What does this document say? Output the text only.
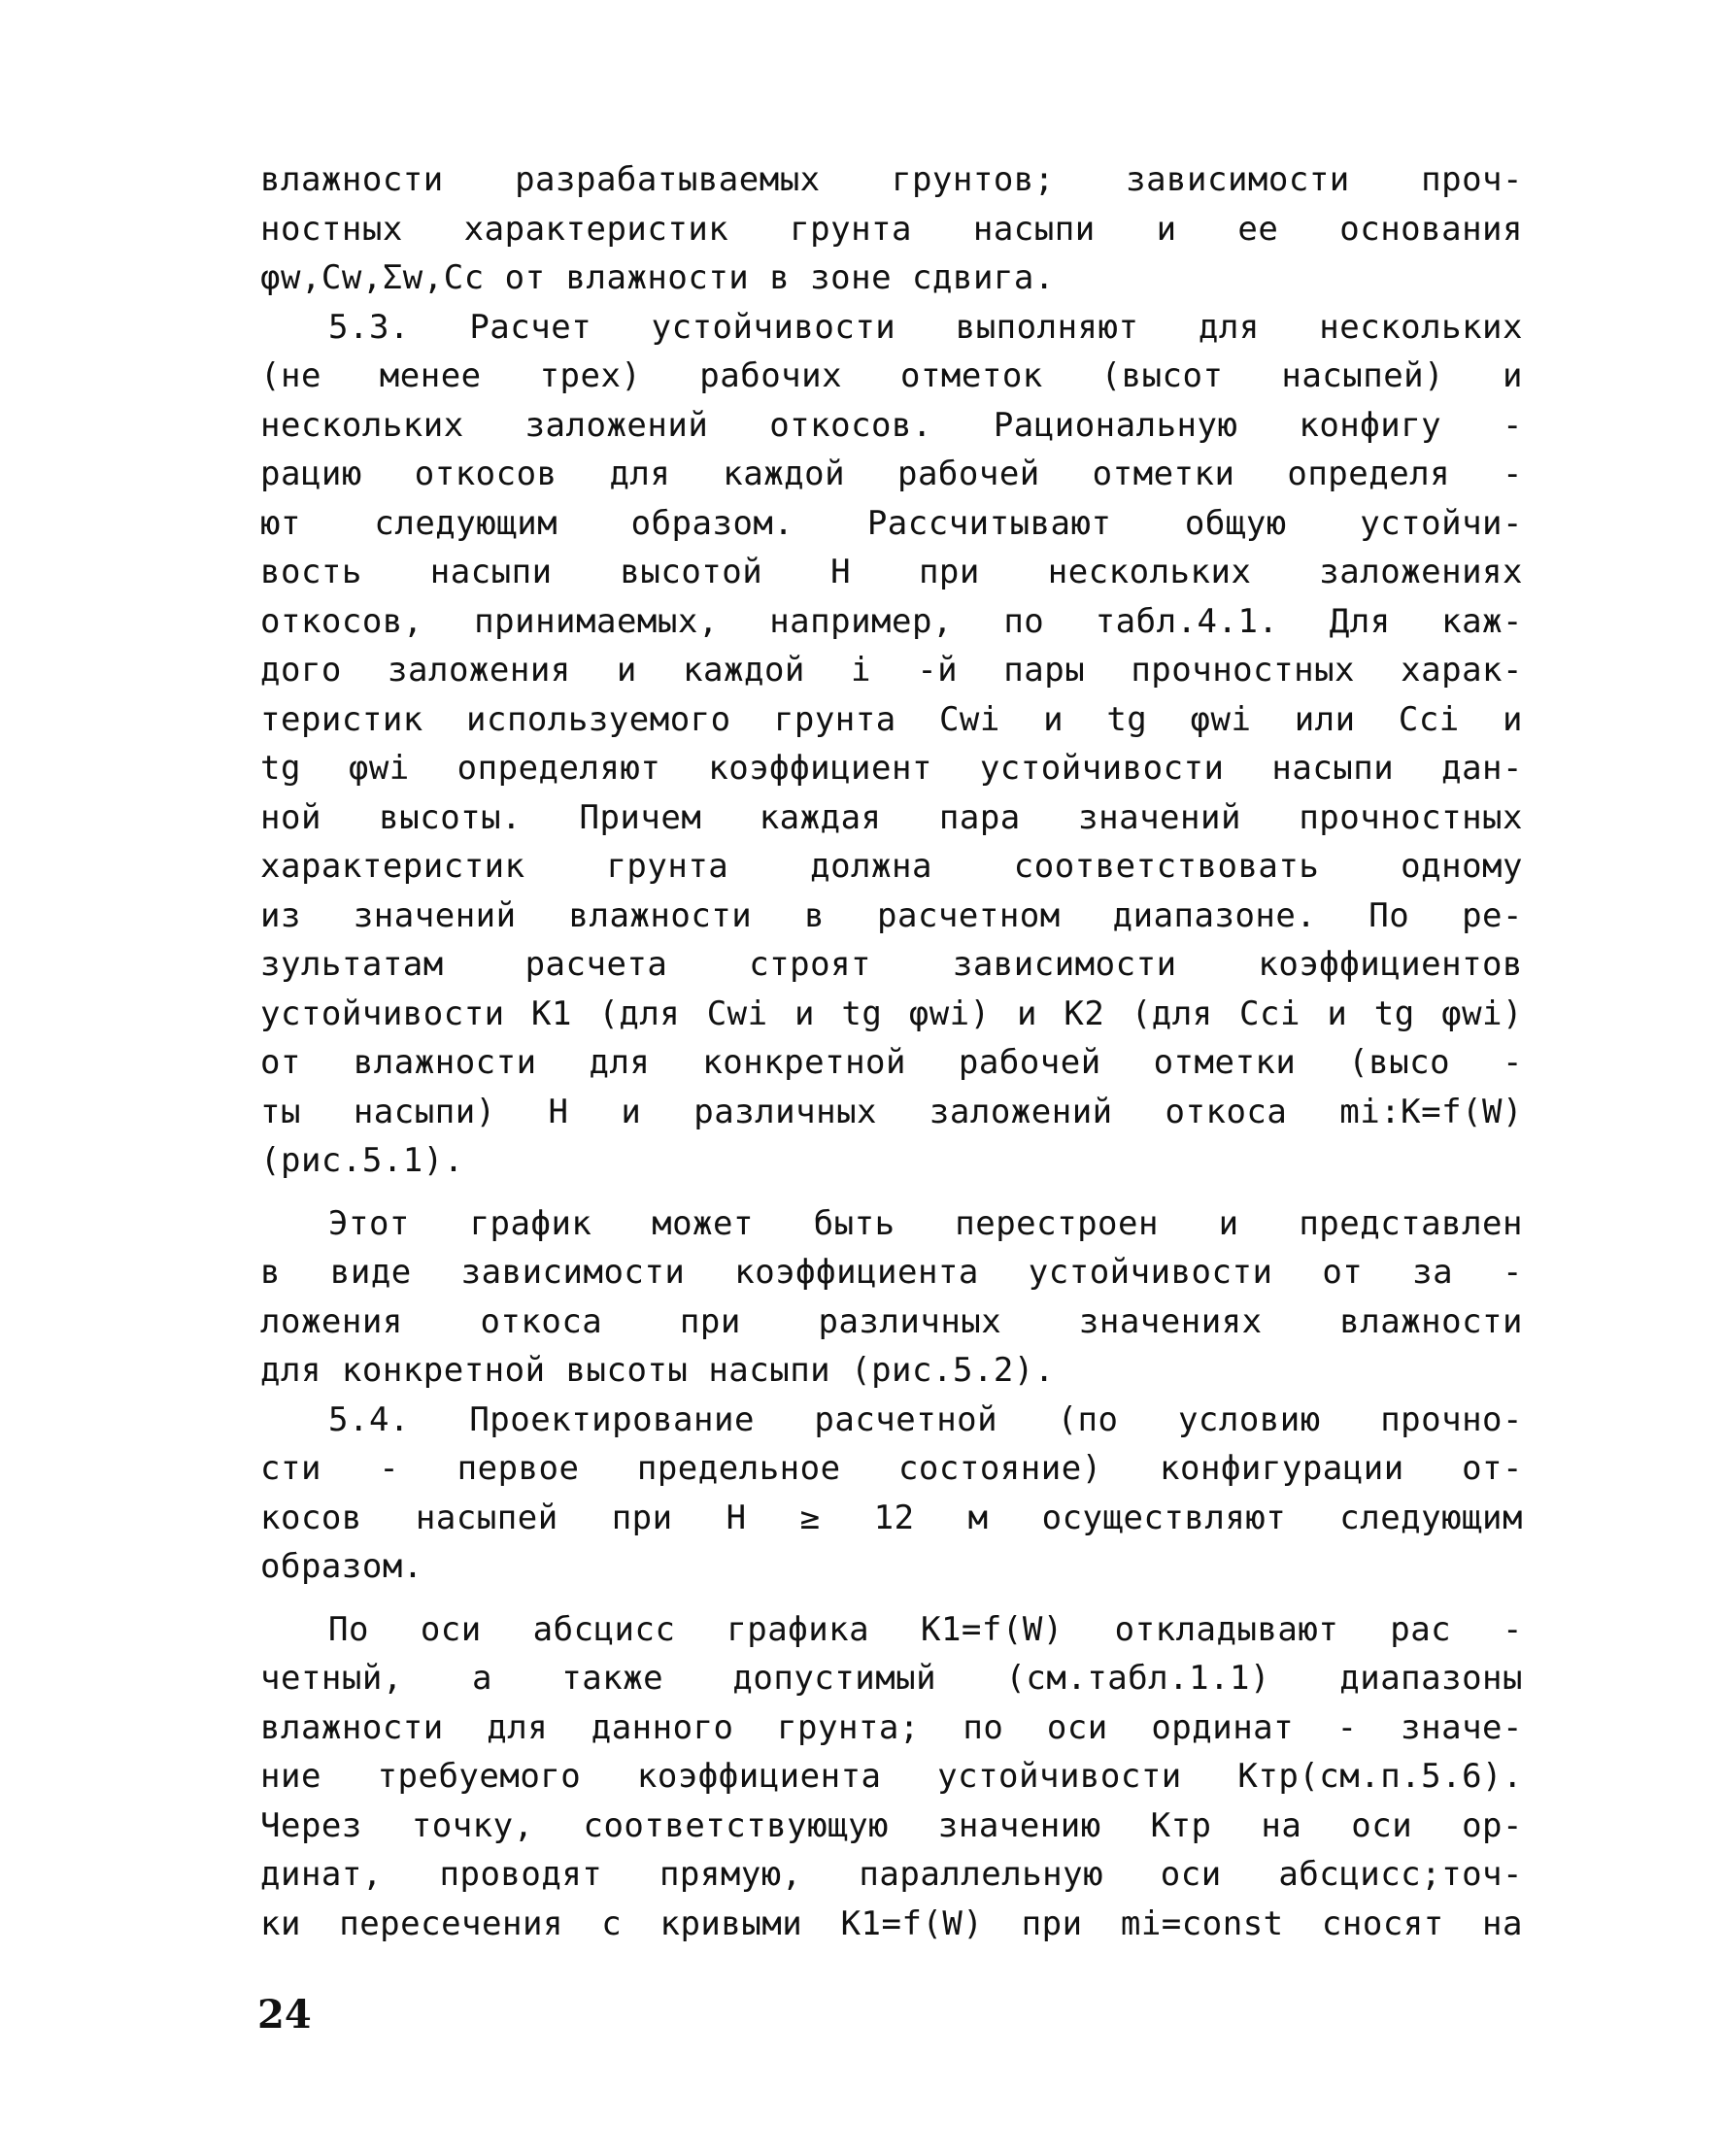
влажности разрабатываемых грунтов; зависимости проч-
ностных характеристик грунта насыпи и ее основания
φw,Cw,Σw,Cc от влажности в зоне сдвига.
5.3. Расчет устойчивости выполняют для нескольких
(не менее трех) рабочих отметок (высот насыпей) и
нескольких заложений откосов. Рациональную конфигу -
рацию откосов для каждой рабочей отметки определя -
ют следующим образом. Рассчитывают общую устойчи-
вость насыпи высотой H при нескольких заложениях
откосов, принимаемых, например, по табл.4.1. Для каж-
дого заложения и каждой i -й пары прочностных харак-
теристик используемого грунта Cwi и tg φwi или Cci и
tg φwi определяют коэффициент устойчивости насыпи дан-
ной высоты. Причем каждая пара значений прочностных
характеристик грунта должна соответствовать одному
из значений влажности в расчетном диапазоне. По ре-
зультатам расчета строят зависимости коэффициентов
устойчивости K1 (для Cwi и tg φwi) и K2 (для Cci и tg φwi)
от влажности для конкретной рабочей отметки (высо -
ты насыпи) H и различных заложений откоса mi:K=f(W)
(рис.5.1).
Этот график может быть перестроен и представлен
в виде зависимости коэффициента устойчивости от за -
ложения откоса при различных значениях влажности
для конкретной высоты насыпи (рис.5.2).
5.4. Проектирование расчетной (по условию прочно-
сти - первое предельное состояние) конфигурации от-
косов насыпей при H ≥ 12 м осуществляют следующим
образом.
По оси абсцисс графика K1=f(W) откладывают рас -
четный, а также допустимый (см.табл.1.1) диапазоны
влажности для данного грунта; по оси ординат - значе-
ние требуемого коэффициента устойчивости Kтр(см.п.5.6).
Через точку, соответствующую значению Kтр на оси ор-
динат, проводят прямую, параллельную оси абсцисс;точ-
ки пересечения с кривыми K1=f(W) при mi=const сносят на
24
